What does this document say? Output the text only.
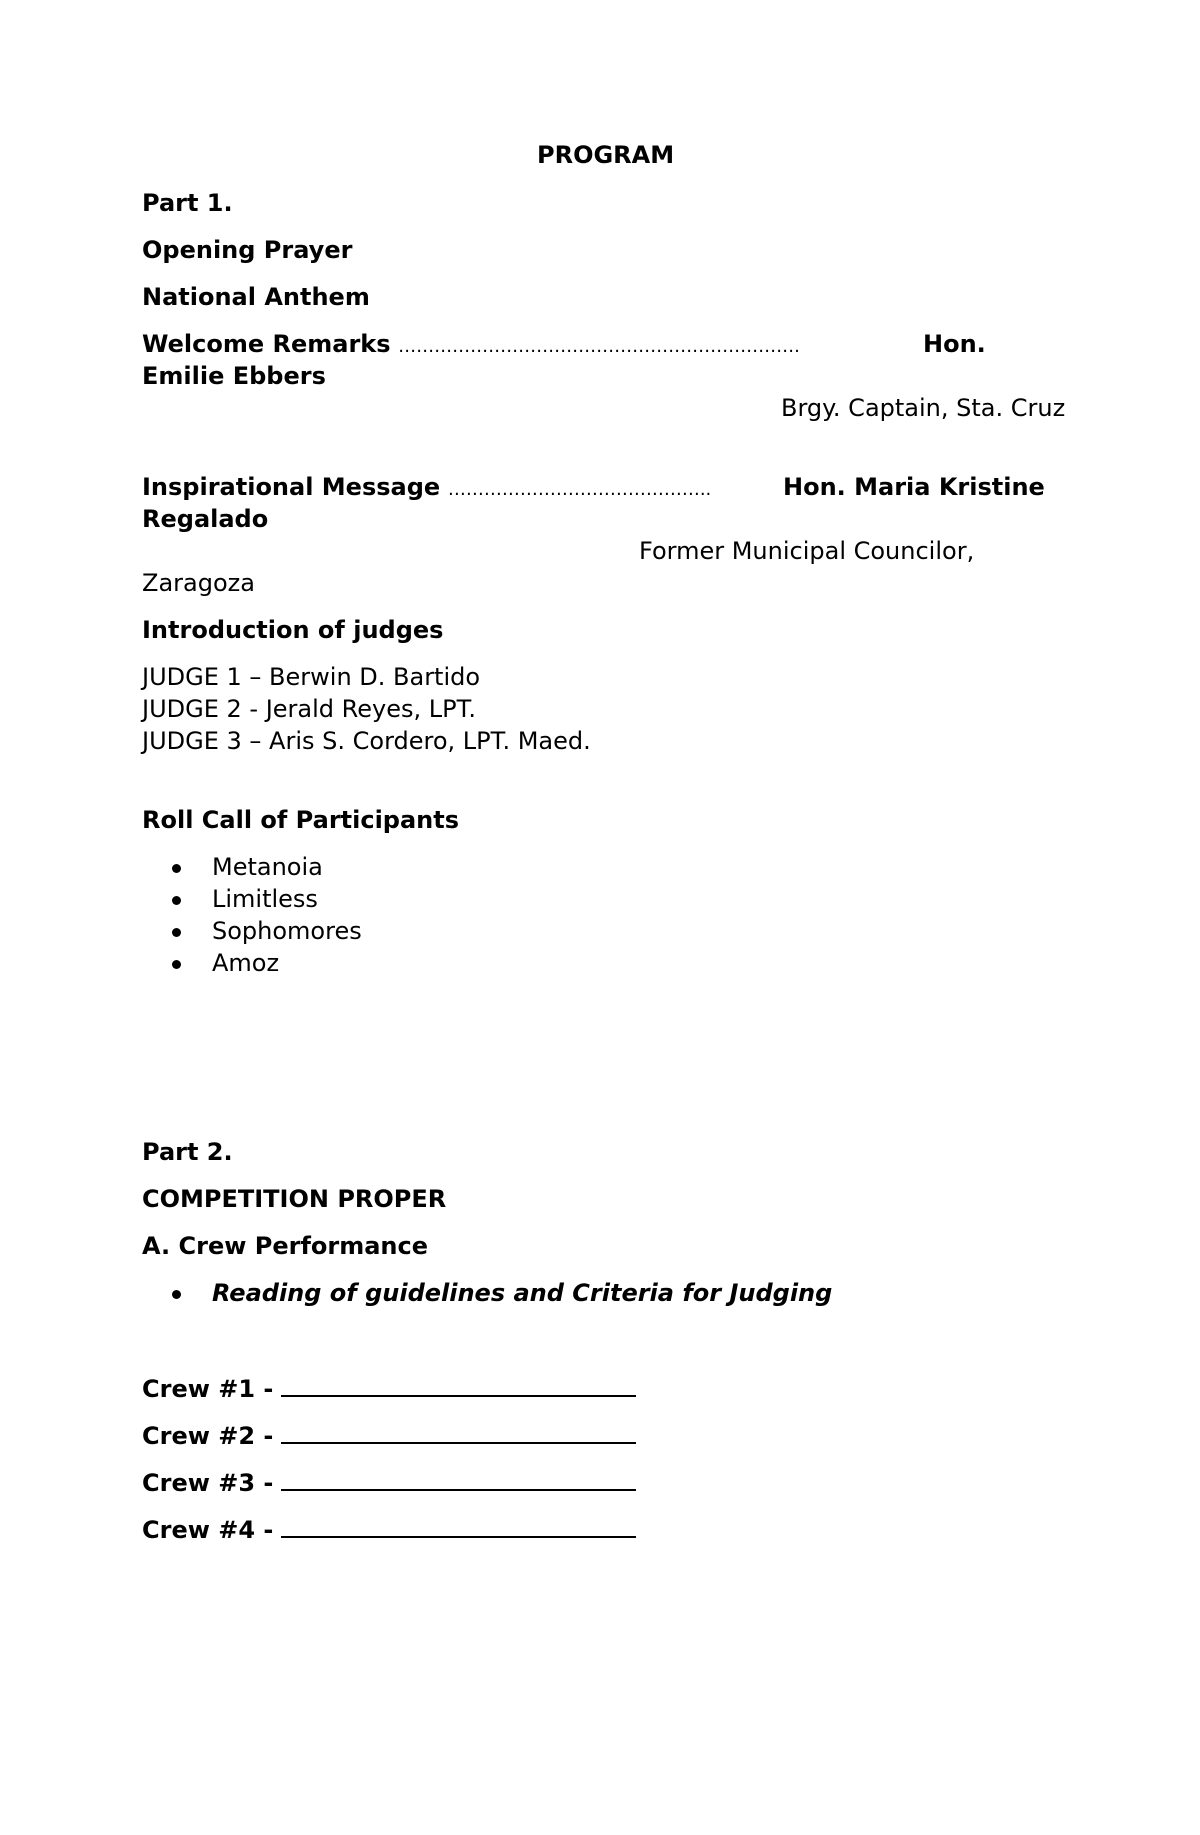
PROGRAM
Part 1.
Opening Prayer
National Anthem
Welcome Remarks ………………………………………………………….	Hon.
Emilie Ebbers
Brgy. Captain, Sta. Cruz
Inspirational Message ……………………………………..	Hon. Maria Kristine
Regalado
Former Municipal Councilor,
Zaragoza
Introduction of judges
JUDGE 1 – Berwin D. Bartido
JUDGE 2 - Jerald Reyes, LPT.
JUDGE 3 – Aris S. Cordero, LPT. Maed.
Roll Call of Participants
Metanoia
Limitless
Sophomores
Amoz
Part 2.
COMPETITION PROPER
A. Crew Performance
Reading of guidelines and Criteria for Judging
Crew #1 -
Crew #2 -
Crew #3 -
Crew #4 -
